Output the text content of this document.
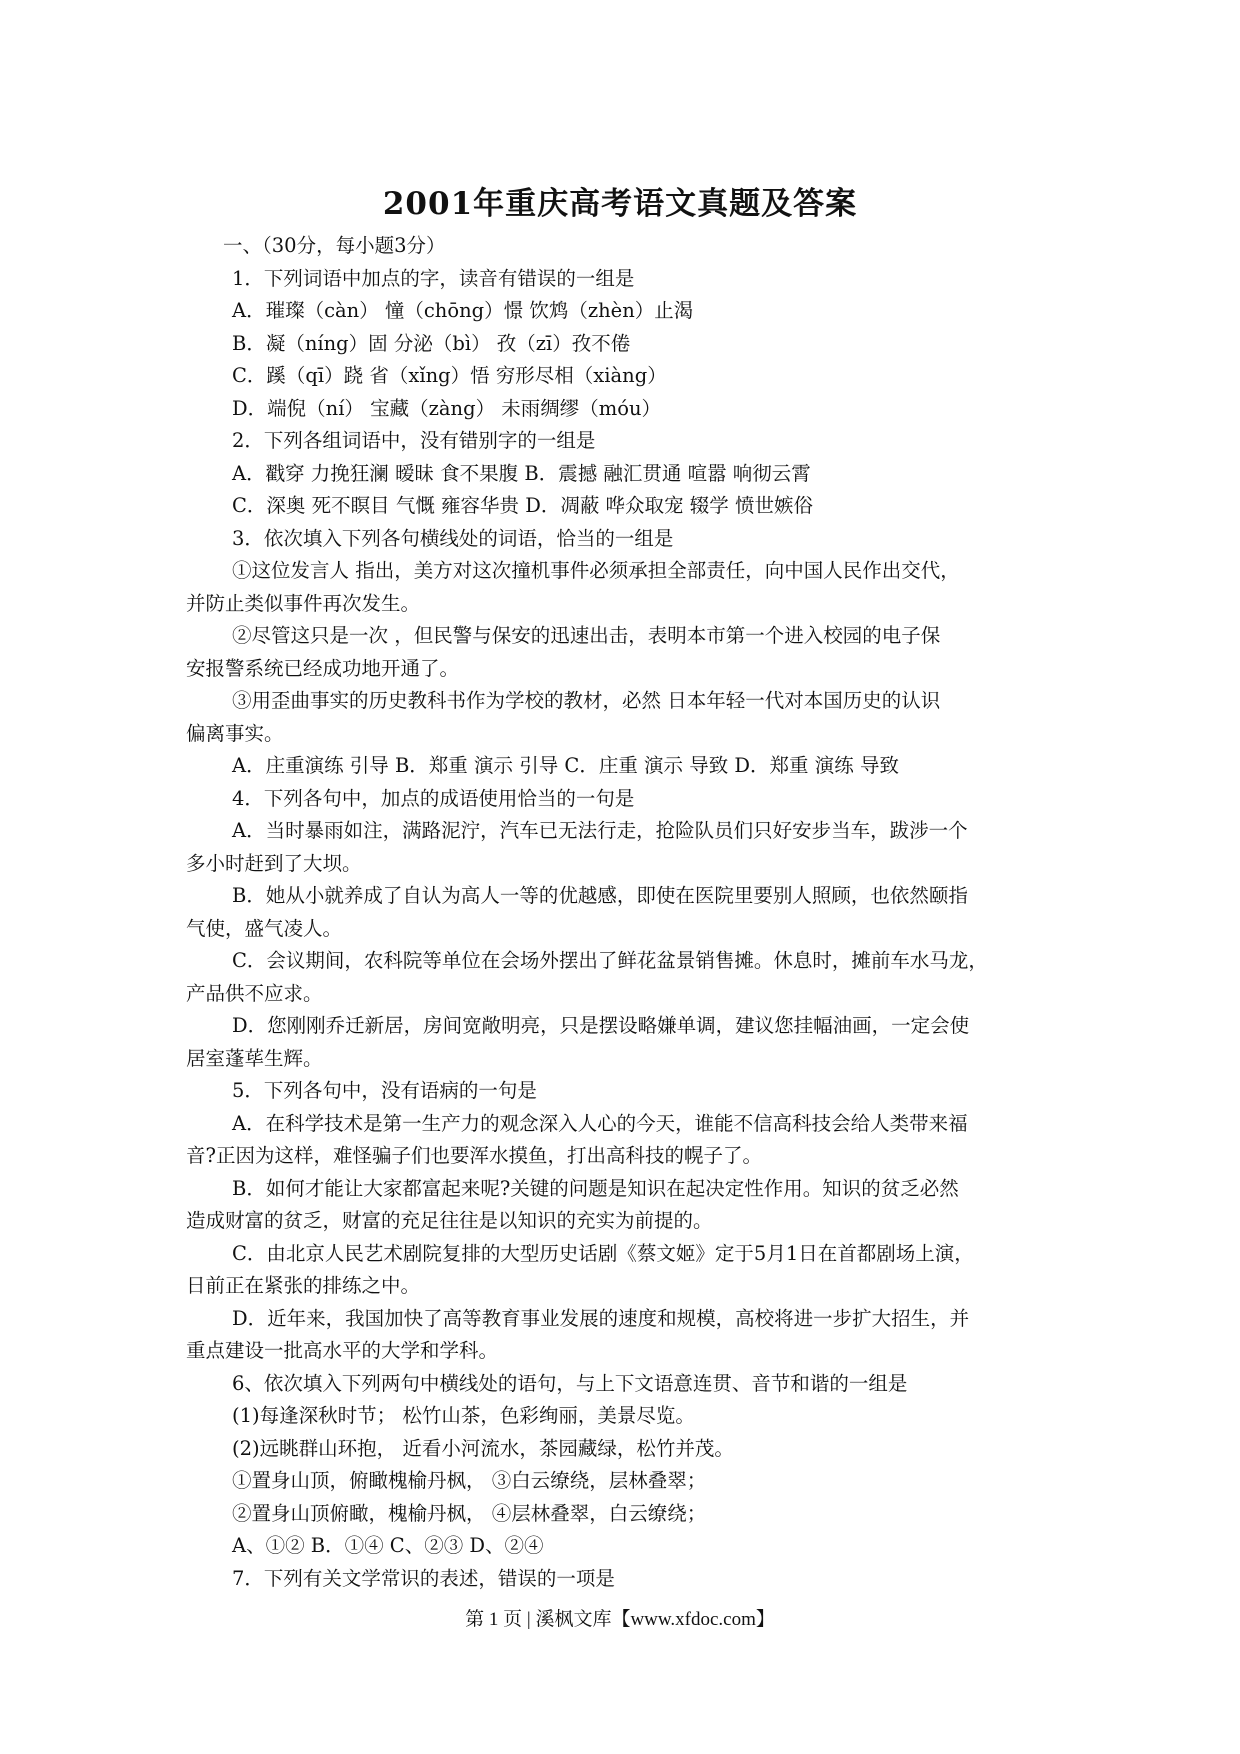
2001年重庆高考语文真题及答案
一、（30分，每小题3分）
1．下列词语中加点的字，读音有错误的一组是
A．璀璨（càn） 憧（chōng）憬 饮鸩（zhèn）止渴
B．凝（níng）固 分泌（bì） 孜（zī）孜不倦
C．蹊（qī）跷 省（xǐng）悟 穷形尽相（xiàng）
D．端倪（ní） 宝藏（zàng） 未雨绸缪（móu）
2．下列各组词语中，没有错别字的一组是
A．戳穿 力挽狂澜 暧昧 食不果腹 B．震撼 融汇贯通 喧嚣 响彻云霄
C．深奥 死不瞑目 气慨 雍容华贵 D．凋蔽 哗众取宠 辍学 愤世嫉俗
3．依次填入下列各句横线处的词语，恰当的一组是
①这位发言人 指出，美方对这次撞机事件必须承担全部责任，向中国人民作出交代，
并防止类似事件再次发生。
②尽管这只是一次 ，但民警与保安的迅速出击，表明本市第一个进入校园的电子保
安报警系统已经成功地开通了。
③用歪曲事实的历史教科书作为学校的教材，必然 日本年轻一代对本国历史的认识
偏离事实。
A．庄重演练 引导 B．郑重 演示 引导 C．庄重 演示 导致 D．郑重 演练 导致
4．下列各句中，加点的成语使用恰当的一句是
A．当时暴雨如注，满路泥泞，汽车已无法行走，抢险队员们只好安步当车，跋涉一个
多小时赶到了大坝。
B．她从小就养成了自认为高人一等的优越感，即使在医院里要别人照顾，也依然颐指
气使，盛气凌人。
C．会议期间，农科院等单位在会场外摆出了鲜花盆景销售摊。休息时，摊前车水马龙，
产品供不应求。
D．您刚刚乔迁新居，房间宽敞明亮，只是摆设略嫌单调，建议您挂幅油画，一定会使
居室蓬荜生辉。
5．下列各句中，没有语病的一句是
A．在科学技术是第一生产力的观念深入人心的今天，谁能不信高科技会给人类带来福
音?正因为这样，难怪骗子们也要浑水摸鱼，打出高科技的幌子了。
B．如何才能让大家都富起来呢?关键的问题是知识在起决定性作用。知识的贫乏必然
造成财富的贫乏，财富的充足往往是以知识的充实为前提的。
C．由北京人民艺术剧院复排的大型历史话剧《蔡文姬》定于5月1日在首都剧场上演，
日前正在紧张的排练之中。
D．近年来，我国加快了高等教育事业发展的速度和规模，高校将进一步扩大招生，并
重点建设一批高水平的大学和学科。
6、依次填入下列两句中横线处的语句，与上下文语意连贯、音节和谐的一组是
(1)每逢深秋时节； 松竹山茶，色彩绚丽，美景尽览。
(2)远眺群山环抱， 近看小河流水，茶园藏绿，松竹并茂。
①置身山顶，俯瞰槐榆丹枫， ③白云缭绕，层林叠翠；
②置身山顶俯瞰，槐榆丹枫， ④层林叠翠，白云缭绕；
A、①② B．①④ C、②③ D、②④
7．下列有关文学常识的表述，错误的一项是
第 1 页 | 溪枫文库【www.xfdoc.com】
